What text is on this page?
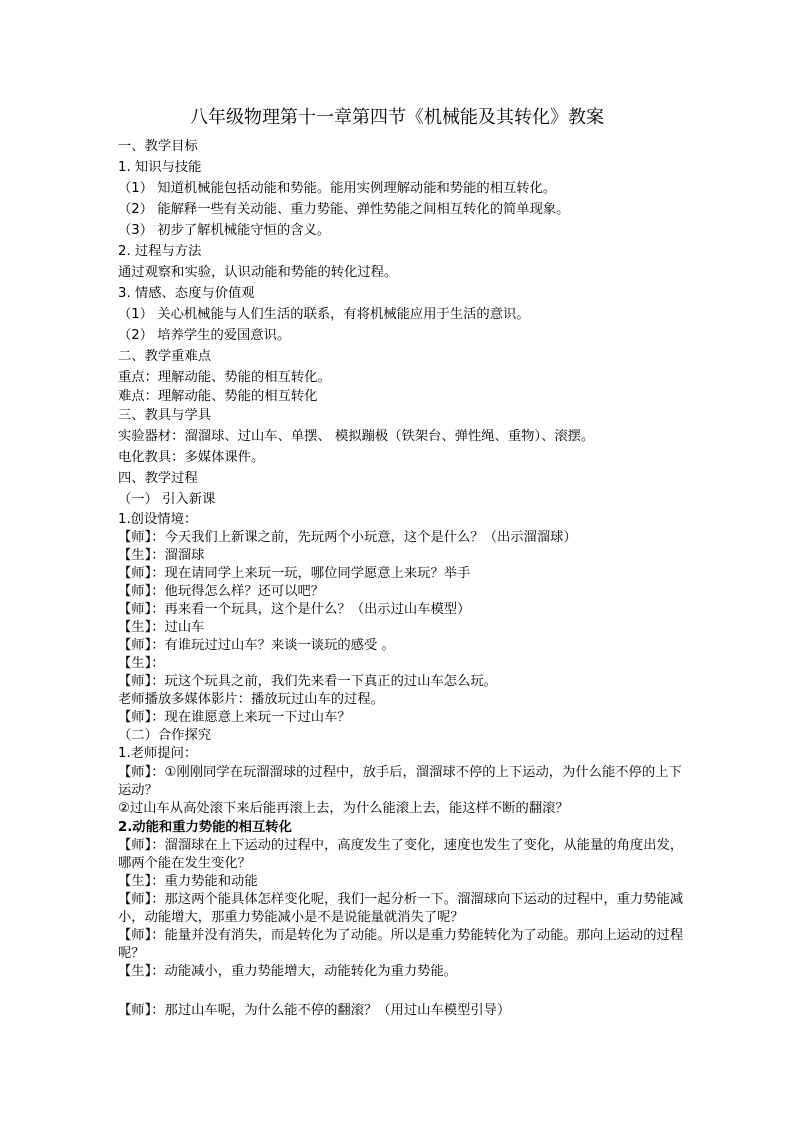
八年级物理第十一章第四节《机械能及其转化》教案
一、教学目标
1. 知识与技能
（1） 知道机械能包括动能和势能。能用实例理解动能和势能的相互转化。
（2） 能解释一些有关动能、重力势能、弹性势能之间相互转化的简单现象。
（3） 初步了解机械能守恒的含义。
2. 过程与方法
通过观察和实验，认识动能和势能的转化过程。
3. 情感、态度与价值观
（1） 关心机械能与人们生活的联系，有将机械能应用于生活的意识。
（2） 培养学生的爱国意识。
二、教学重难点
重点：理解动能、势能的相互转化。
难点：理解动能、势能的相互转化
三、教具与学具
实验器材：溜溜球、过山车、单摆、 模拟蹦极（铁架台、弹性绳、重物）、滚摆。
电化教具：多媒体课件。
四、教学过程
（一） 引入新课
1.创设情境：
【师】：今天我们上新课之前，先玩两个小玩意，这个是什么？（出示溜溜球）
【生】：溜溜球
【师】：现在请同学上来玩一玩，哪位同学愿意上来玩？举手
【师】：他玩得怎么样？还可以吧？
【师】：再来看一个玩具，这个是什么？（出示过山车模型）
【生】：过山车
【师】：有谁玩过过山车？来谈一谈玩的感受 。
【生】：
【师】：玩这个玩具之前，我们先来看一下真正的过山车怎么玩。
老师播放多媒体影片：播放玩过山车的过程。
【师】：现在谁愿意上来玩一下过山车？
（二）合作探究
1.老师提问：
【师】：①刚刚同学在玩溜溜球的过程中，放手后，溜溜球不停的上下运动，为什么能不停的上下运动？
②过山车从高处滚下来后能再滚上去，为什么能滚上去，能这样不断的翻滚？
2.动能和重力势能的相互转化
【师】：溜溜球在上下运动的过程中，高度发生了变化，速度也发生了变化，从能量的角度出发，哪两个能在发生变化？
【生】：重力势能和动能
【师】：那这两个能具体怎样变化呢，我们一起分析一下。溜溜球向下运动的过程中，重力势能减小，动能增大，那重力势能减小是不是说能量就消失了呢？
【师】：能量并没有消失，而是转化为了动能。所以是重力势能转化为了动能。那向上运动的过程呢？
【生】：动能减小，重力势能增大，动能转化为重力势能。
【师】：那过山车呢，为什么能不停的翻滚？（用过山车模型引导）
